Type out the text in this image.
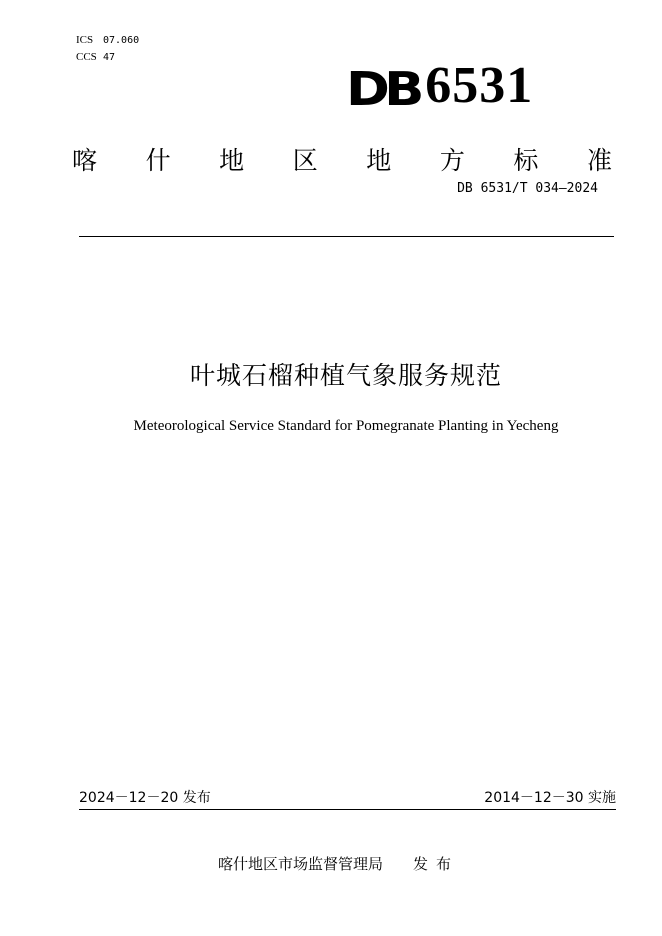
ICS 07.060
CCS 47
DB 6531
喀 什 地 区 地 方 标 准
DB 6531/T 034—2024
叶城石榴种植气象服务规范
Meteorological Service Standard for Pomegranate Planting in Yecheng
2024－12－20 发布	2014－12－30 实施
喀什地区市场监督管理局 发布
